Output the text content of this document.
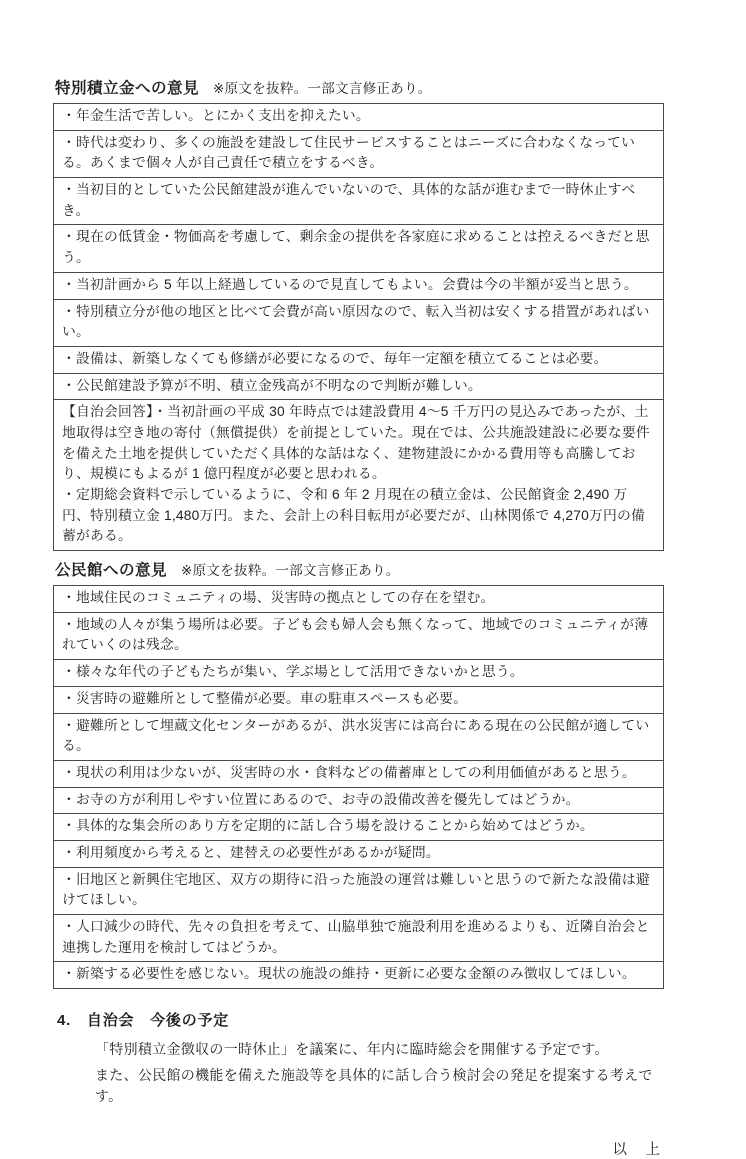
特別積立金への意見 ※原文を抜粋。一部文言修正あり。
・年金生活で苦しい。とにかく支出を抑えたい。

・時代は変わり、多くの施設を建設して住民サービスすることはニーズに合わなくなっている。あくまで個々人が自己責任で積立をするべき。

・当初目的としていた公民館建設が進んでいないので、具体的な話が進むまで一時休止すべき。

・現在の低賃金・物価高を考慮して、剰余金の提供を各家庭に求めることは控えるべきだと思う。

・当初計画から 5 年以上経過しているので見直してもよい。会費は今の半額が妥当と思う。

・特別積立分が他の地区と比べて会費が高い原因なので、転入当初は安くする措置があればいい。

・設備は、新築しなくても修繕が必要になるので、毎年一定額を積立てることは必要。

・公民館建設予算が不明、積立金残高が不明なので判断が難しい。

【自治会回答】・当初計画の平成 30 年時点では建設費用 4～5 千万円の見込みであったが、土地取得は空き地の寄付（無償提供）を前提としていた。現在では、公共施設建設に必要な要件を備えた土地を提供していただく具体的な話はなく、建物建設にかかる費用等も高騰しており、規模にもよるが 1 億円程度が必要と思われる。
・定期総会資料で示しているように、令和 6 年 2 月現在の積立金は、公民館資金 2,490 万円、特別積立金 1,480万円。また、会計上の科目転用が必要だが、山林関係で 4,270万円の備蓄がある。
公民館への意見 ※原文を抜粋。一部文言修正あり。
・地域住民のコミュニティの場、災害時の拠点としての存在を望む。

・地域の人々が集う場所は必要。子ども会も婦人会も無くなって、地域でのコミュニティが薄れていくのは残念。

・様々な年代の子どもたちが集い、学ぶ場として活用できないかと思う。

・災害時の避難所として整備が必要。車の駐車スペースも必要。

・避難所として埋蔵文化センターがあるが、洪水災害には高台にある現在の公民館が適している。

・現状の利用は少ないが、災害時の水・食料などの備蓄庫としての利用価値があると思う。

・お寺の方が利用しやすい位置にあるので、お寺の設備改善を優先してはどうか。

・具体的な集会所のあり方を定期的に話し合う場を設けることから始めてはどうか。

・利用頻度から考えると、建替えの必要性があるかが疑問。

・旧地区と新興住宅地区、双方の期待に沿った施設の運営は難しいと思うので新たな設備は避けてほしい。

・人口減少の時代、先々の負担を考えて、山脇単独で施設利用を進めるよりも、近隣自治会と連携した運用を検討してはどうか。

・新築する必要性を感じない。現状の施設の維持・更新に必要な金額のみ徴収してほしい。
4.　自治会　今後の予定
「特別積立金徴収の一時休止」を議案に、年内に臨時総会を開催する予定です。
また、公民館の機能を備えた施設等を具体的に話し合う検討会の発足を提案する考えです。
以　上
